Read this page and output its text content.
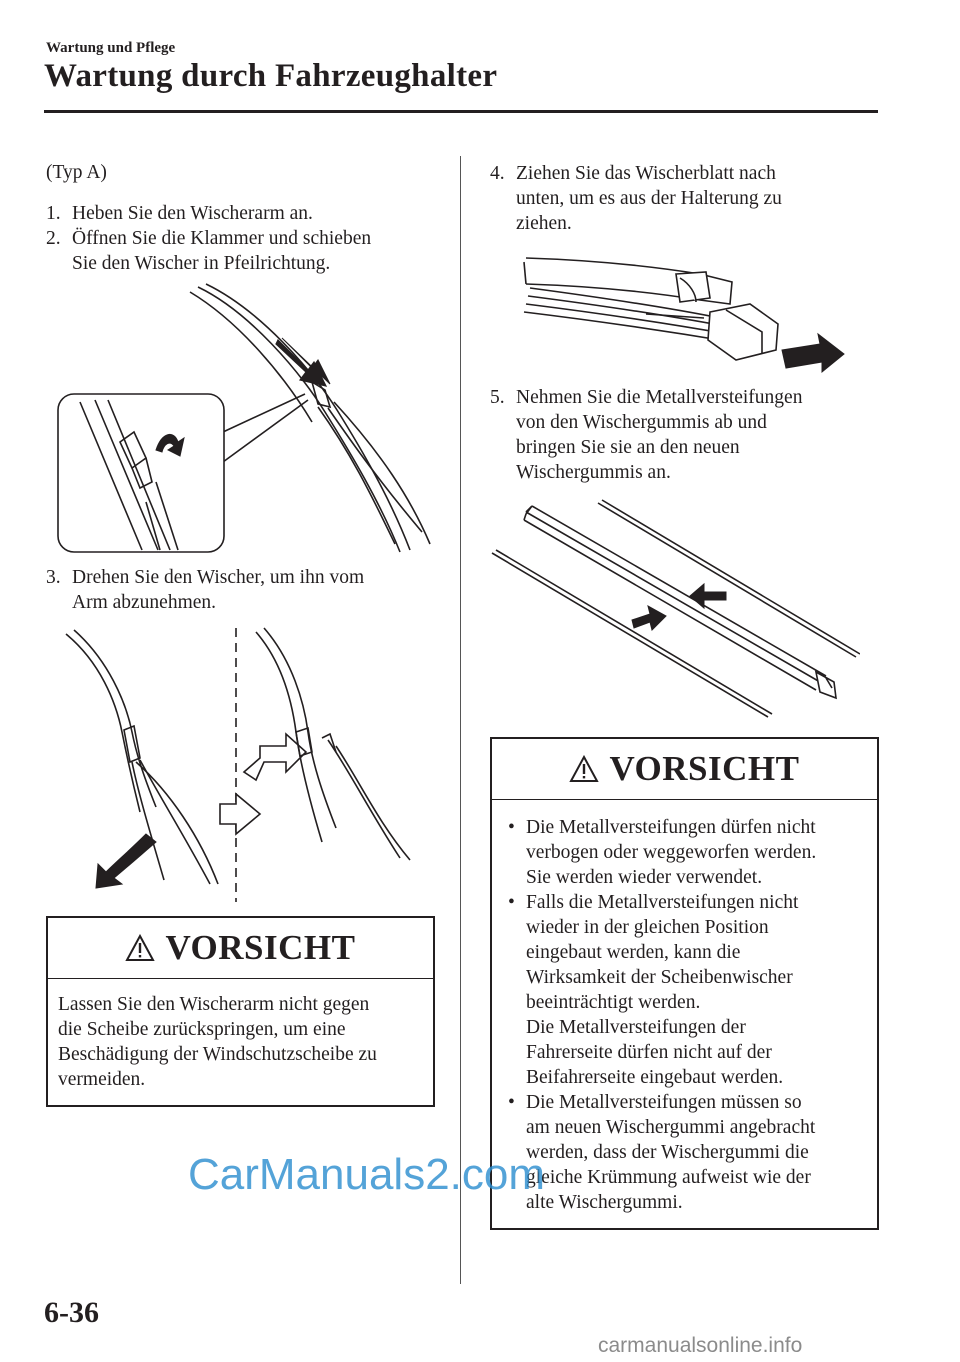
Wartung und Pflege
Wartung durch Fahrzeughalter
(Typ A)
1. Heben Sie den Wischerarm an.
2. Öffnen Sie die Klammer und schieben
Sie den Wischer in Pfeilrichtung.
3. Drehen Sie den Wischer, um ihn vom
Arm abzunehmen.
VORSICHT
Lassen Sie den Wischerarm nicht gegen
die Scheibe zurückspringen, um eine
Beschädigung der Windschutzscheibe zu
vermeiden.
4. Ziehen Sie das Wischerblatt nach
unten, um es aus der Halterung zu
ziehen.
5. Nehmen Sie die Metallversteifungen
von den Wischergummis ab und
bringen Sie sie an den neuen
Wischergummis an.
VORSICHT
• Die Metallversteifungen dürfen nicht
verbogen oder weggeworfen werden.
Sie werden wieder verwendet.
• Falls die Metallversteifungen nicht
wieder in der gleichen Position
eingebaut werden, kann die
Wirksamkeit der Scheibenwischer
beeinträchtigt werden.
Die Metallversteifungen der
Fahrerseite dürfen nicht auf der
Beifahrerseite eingebaut werden.
• Die Metallversteifungen müssen so
am neuen Wischergummi angebracht
werden, dass der Wischergummi die
gleiche Krümmung aufweist wie der
alte Wischergummi.
6-36
CarManuals2.com
carmanualsonline.info
